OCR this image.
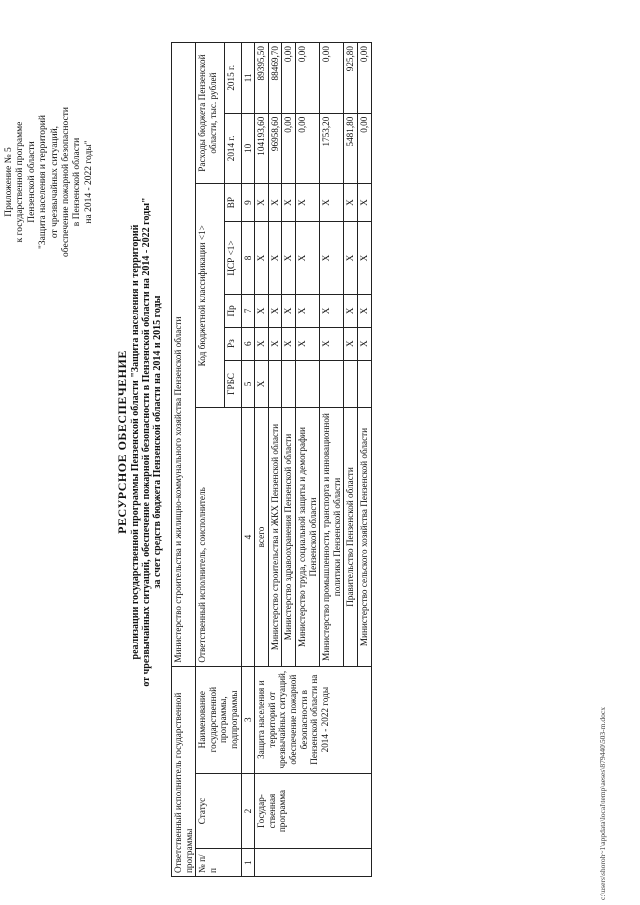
Приложение № 5 к государственной программе Пензенской области "Защита населения и территорий от чрезвычайных ситуаций, обеспечение пожарной безопасности в Пензенской области на 2014 - 2022 годы"
РЕСУРСНОЕ ОБЕСПЕЧЕНИЕ реализации государственной программы Пензенской области "Защита населения и территорий от чрезвычайных ситуаций, обеспечение пожарной безопасности в Пензенской области на 2014 - 2022 годы" за счет средств бюджета Пензенской области на 2014 и 2015 годы
Ответственный исполнитель государственной программы			Министерство строительства и жилищно-коммунального хозяйства Пензенской области							
№ п/п	Статус	Наименование государственной программы, подпрограммы	Ответственный исполнитель, соисполнитель	Код бюджетной классификации <1>					Расходы бюджета Пензенской области, тыс. рублей	
				ГРБС	Рз	Пр	ЦСР <1>	ВР	2014 г.	2015 г.
1	2	3	4	5	6	7	8	9	10	11
	Государ- ственная программа	Защита населения и территорий от чрезвычайных ситуаций, обеспечение пожарной безопасности в Пензенской области на 2014 - 2022 годы	всего	Х	Х	Х	Х	Х	104193,60	89395,50
			Министерство строительства и ЖКХ Пензенской области		Х	Х	Х	Х	96958,60	88469,70
			Министерство здравоохранения Пензенской области		Х	Х	Х	Х	0,00	0,00
			Министерство труда, социальной защиты и демографии Пензенской области		Х	Х	Х	Х	0,00	0,00
			Министерство промышленности, транспорта и инновационной политики Пензенской области		Х	Х	Х	Х	1753,20	0,00
			Правительство Пензенской области		Х	Х	Х	Х	5481,80	925,80
			Министерство сельского хозяйства Пензенской области		Х	Х	Х	Х	0,00	0,00
c:\users\shoroh~1\appdata\local\temp\aeses\879440\503-m.docx
